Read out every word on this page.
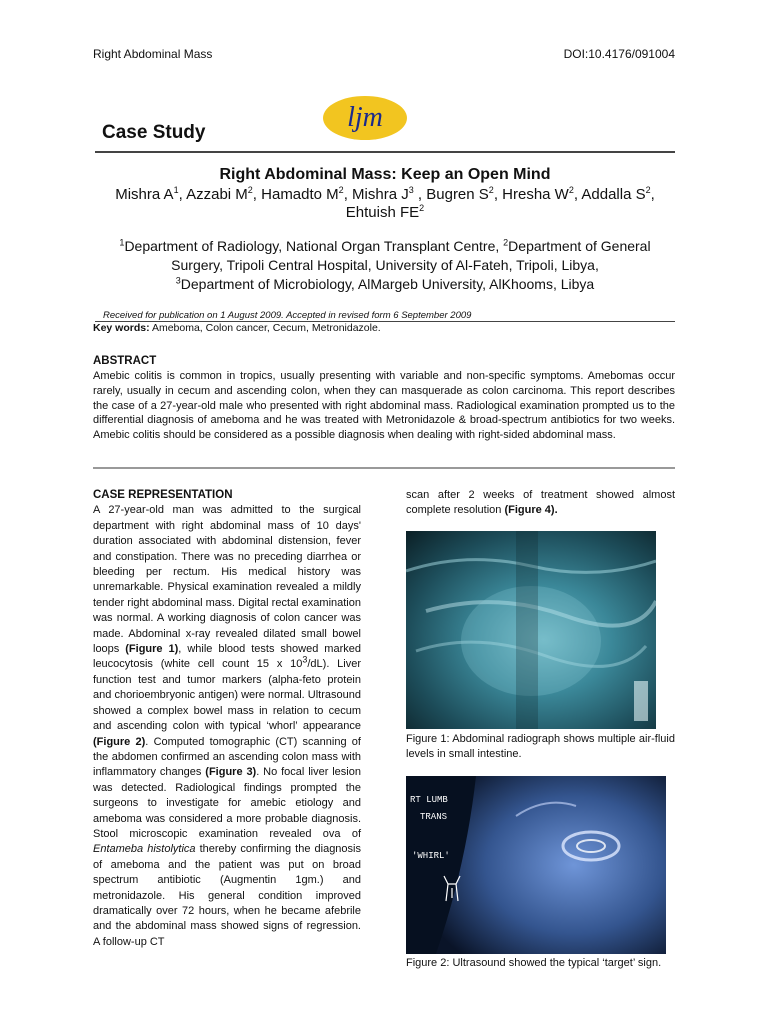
Right Abdominal Mass	DOI:10.4176/091004
ljm
Case Study
Right Abdominal Mass: Keep an Open Mind
Mishra $A^1$, Azzabi $M^2$, Hamadto $M^2$, Mishra $J^3$ , Bugren $S^2$, Hresha $W^2$, Addalla $S^2$,
Ehtuish $FE^2$
$^1$Department of Radiology, National Organ Transplant Centre, $^2$Department of General Surgery, Tripoli Central Hospital, University of Al-Fateh, Tripoli, Libya,
$^3$Department of Microbiology, AlMargeb University, AlKhooms, Libya
Received for publication on 1 August 2009. Accepted in revised form 6 September 2009
Key words: Ameboma, Colon cancer, Cecum, Metronidazole.
ABSTRACT
Amebic colitis is common in tropics, usually presenting with variable and non-specific symptoms. Amebomas occur rarely, usually in cecum and ascending colon, when they can masquerade as colon carcinoma. This report describes the case of a 27-year-old male who presented with right abdominal mass. Radiological examination prompted us to the differential diagnosis of ameboma and he was treated with Metronidazole & broad-spectrum antibiotics for two weeks. Amebic colitis should be considered as a possible diagnosis when dealing with right-sided abdominal mass.
CASE REPRESENTATION
A 27-year-old man was admitted to the surgical department with right abdominal mass of 10 days' duration associated with abdominal distension, fever and constipation. There was no preceding diarrhea or bleeding per rectum. His medical history was unremarkable. Physical examination revealed a mildly tender right abdominal mass. Digital rectal examination was normal. A working diagnosis of colon cancer was made. Abdominal x-ray revealed dilated small bowel loops (Figure 1), while blood tests showed marked leucocytosis (white cell count 15 x $10^3/dL$). Liver function test and tumor markers (alpha-feto protein and chorioembryonic antigen) were normal. Ultrasound showed a complex bowel mass in relation to cecum and ascending colon with typical ‘whorl’ appearance (Figure 2). Computed tomographic (CT) scanning of the abdomen confirmed an ascending colon mass with inflammatory changes (Figure 3). No focal liver lesion was detected. Radiological findings prompted the surgeons to investigate for amebic etiology and ameboma was considered a more probable diagnosis. Stool microscopic examination revealed ova of Entameba histolytica thereby confirming the diagnosis of ameboma and the patient was put on broad spectrum antibiotic (Augmentin 1gm.) and metronidazole. His general condition improved dramatically over 72 hours, when he became afebrile and the abdominal mass showed signs of regression. A follow-up CT
scan after 2 weeks of treatment showed almost complete resolution (Figure 4).
Figure 1: Abdominal radiograph shows multiple air-fluid levels in small intestine.
RT LUMB
TRANS
'WHIRL'
Figure 2: Ultrasound showed the typical ‘target’ sign.
